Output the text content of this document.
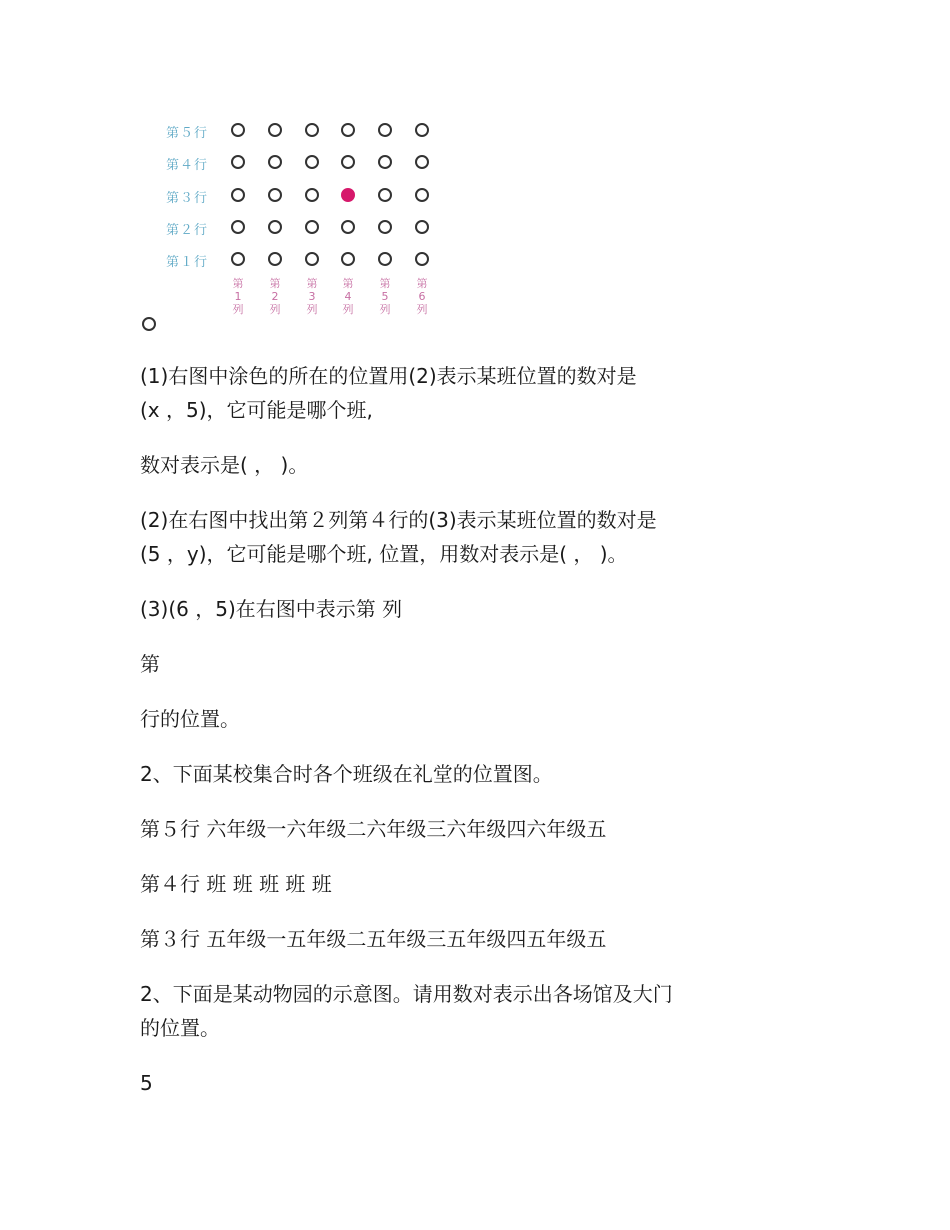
第５行
第４行
第３行
第２行
第１行
第
1
列
第
2
列
第
3
列
第
4
列
第
5
列
第
6
列
(1)右图中涂色的所在的位置用(2)表示某班位置的数对是
(x ，5)，它可能是哪个班,
数对表示是( ， )。
(2)在右图中找出第２列第４行的(3)表示某班位置的数对是
(5 ，y)，它可能是哪个班, 位置，用数对表示是( ， )。
(3)(6 ，5)在右图中表示第 列
第
行的位置。
2、下面某校集合时各个班级在礼堂的位置图。
第５行 六年级一六年级二六年级三六年级四六年级五
第４行 班 班 班 班 班
第３行 五年级一五年级二五年级三五年级四五年级五
2、下面是某动物园的示意图。请用数对表示出各场馆及大门
的位置。
5
